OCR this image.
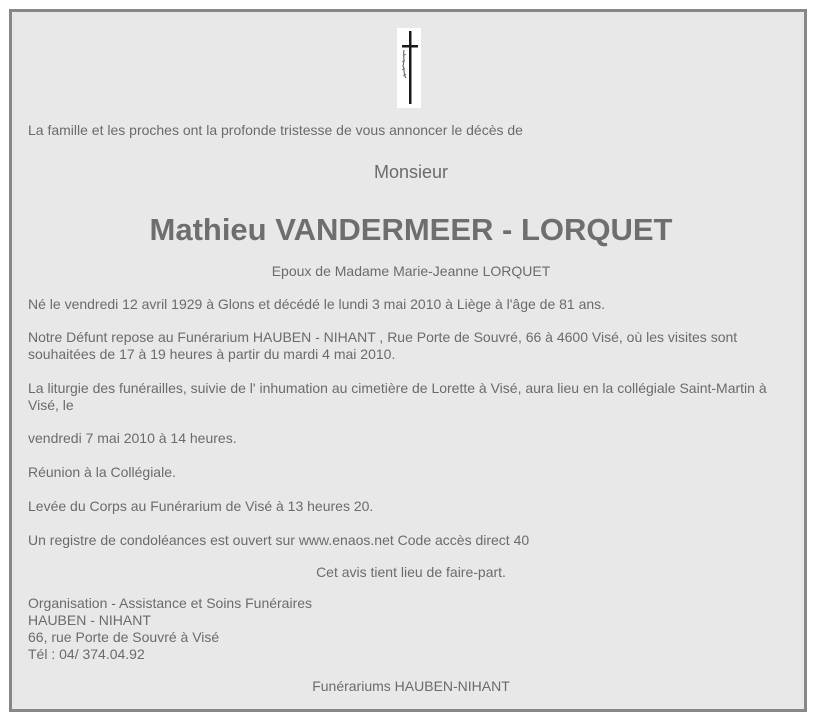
La famille et les proches ont la profonde tristesse de vous annoncer le décès de

Monsieur

Mathieu VANDERMEER - LORQUET

Epoux de Madame Marie-Jeanne LORQUET

Né le vendredi 12 avril 1929 à Glons et décédé le lundi 3 mai 2010 à Liège à l'âge de 81 ans.

Notre Défunt repose au Funérarium HAUBEN - NIHANT , Rue Porte de Souvré, 66 à 4600 Visé, où les visites sont souhaitées de 17 à 19 heures à partir du mardi 4 mai 2010.

La liturgie des funérailles, suivie de l' inhumation au cimetière de Lorette à Visé, aura lieu en la collégiale Saint-Martin à Visé, le

vendredi 7 mai 2010 à 14 heures.

Réunion à la Collégiale.

Levée du Corps au Funérarium de Visé à 13 heures 20.

Un registre de condoléances est ouvert sur www.enaos.net Code accès direct 40

Cet avis tient lieu de faire-part.

Organisation - Assistance et Soins Funéraires
HAUBEN - NIHANT
66, rue Porte de Souvré à Visé
Tél : 04/ 374.04.92

Funérariums HAUBEN-NIHANT
